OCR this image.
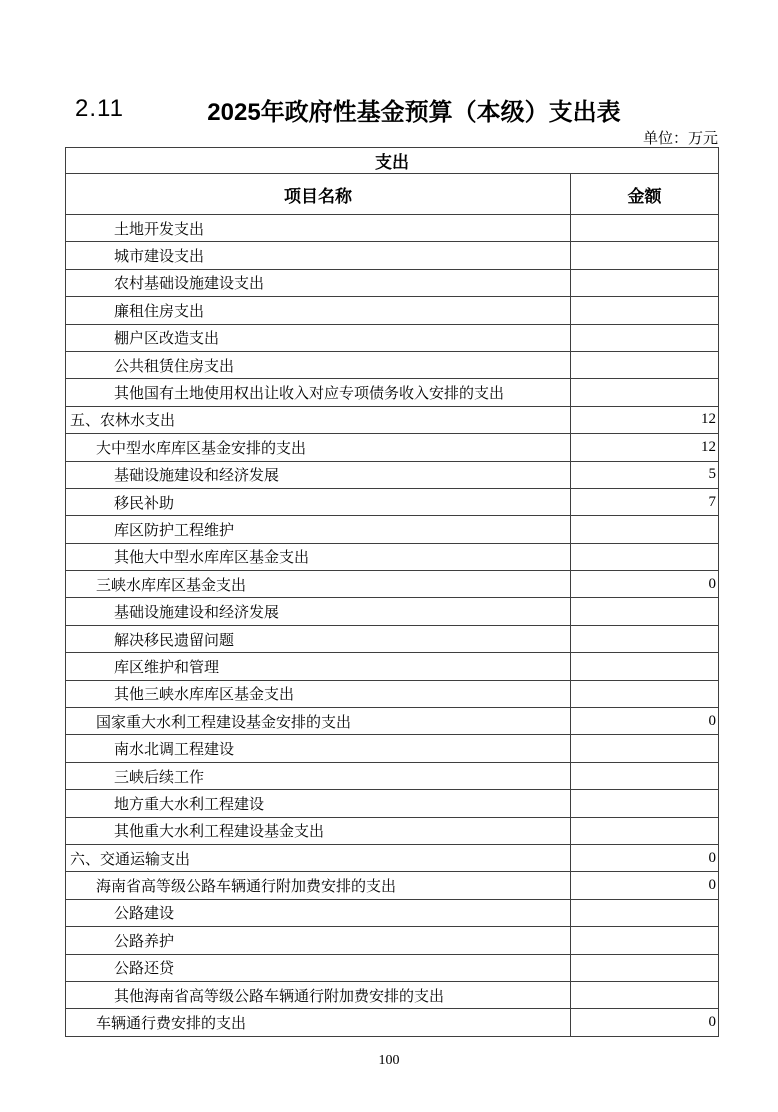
2.11	2025年政府性基金预算（本级）支出表
单位：万元
支出	
项目名称	金额
土地开发支出	
城市建设支出	
农村基础设施建设支出	
廉租住房支出	
棚户区改造支出	
公共租赁住房支出	
其他国有土地使用权出让收入对应专项债务收入安排的支出	
五、农林水支出	12
大中型水库库区基金安排的支出	12
基础设施建设和经济发展	5
移民补助	7
库区防护工程维护	
其他大中型水库库区基金支出	
三峡水库库区基金支出	0
基础设施建设和经济发展	
解决移民遗留问题	
库区维护和管理	
其他三峡水库库区基金支出	
国家重大水利工程建设基金安排的支出	0
南水北调工程建设	
三峡后续工作	
地方重大水利工程建设	
其他重大水利工程建设基金支出	
六、交通运输支出	0
海南省高等级公路车辆通行附加费安排的支出	0
公路建设	
公路养护	
公路还贷	
其他海南省高等级公路车辆通行附加费安排的支出	
车辆通行费安排的支出	0
100
